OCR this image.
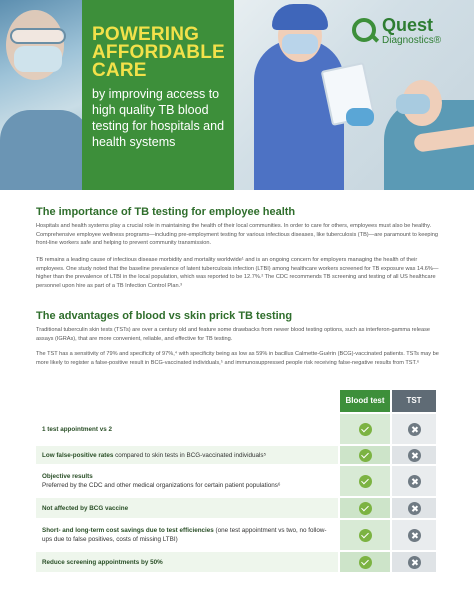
POWERING AFFORDABLE CARE
by improving access to high quality TB blood testing for hospitals and health systems
Quest
Diagnostics®
The importance of TB testing for employee health
Hospitals and health systems play a crucial role in maintaining the health of their local communities. In order to care for others, employees must also be healthy. Comprehensive employee wellness programs—including pre-employment testing for various infectious diseases, like tuberculosis (TB)—are paramount to keeping front-line workers safe and helping to prevent community transmission.
TB remains a leading cause of infectious disease morbidity and mortality worldwide¹ and is an ongoing concern for employers managing the health of their employees. One study noted that the baseline prevalence of latent tuberculosis infection (LTBI) among healthcare workers screened for TB exposure was 14.6%—higher than the prevalence of LTBI in the local population, which was reported to be 12.7%.² The CDC recommends TB screening and testing of all US healthcare personnel upon hire as part of a TB Infection Control Plan.³
The advantages of blood vs skin prick TB testing
Traditional tuberculin skin tests (TSTs) are over a century old and feature some drawbacks from newer blood testing options, such as interferon-gamma release assays (IGRAs), that are more convenient, reliable, and effective for TB testing.
The TST has a sensitivity of 79% and specificity of 97%,⁴ with specificity being as low as 59% in bacillus Calmette-Guérin (BCG)-vaccinated patients. TSTs may be more likely to register a false-positive result in BCG-vaccinated individuals,⁵ and immunosuppressed people risk receiving false-negative results from TST.⁶
Blood test	TST
1 test appointment vs 2
Low false-positive rates compared to skin tests in BCG-vaccinated individuals⁵
Objective results
Preferred by the CDC and other medical organizations for certain patient populations⁶
Not affected by BCG vaccine
Short- and long-term cost savings due to test efficiencies (one test appointment vs two, no follow-ups due to false positives, costs of missing LTBI)
Reduce screening appointments by 50%
